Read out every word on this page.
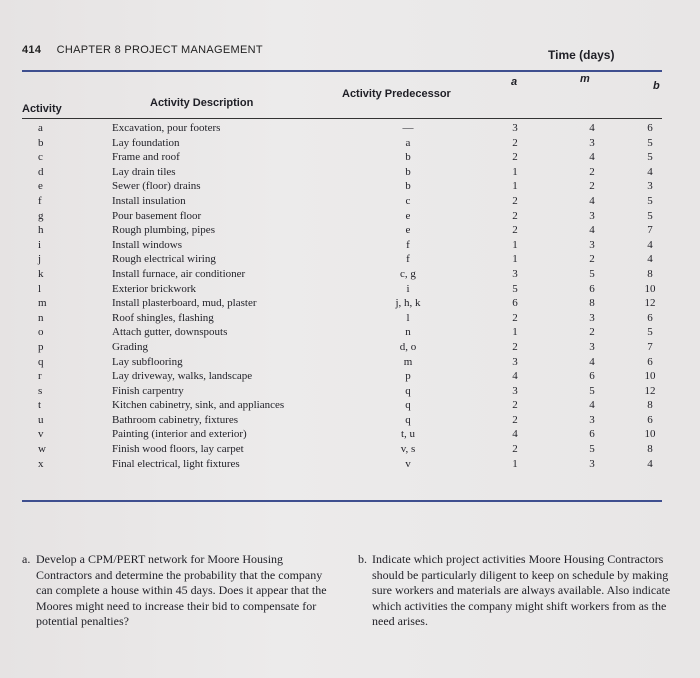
414 CHAPTER 8 PROJECT MANAGEMENT	Time (days)
a	m
b
Activity	Activity Description
Activity Predecessor
a	Excavation, pour footers	—	3	4	6
b	Lay foundation	a	2	3	5
c	Frame and roof	b	2	4	5
d	Lay drain tiles	b	1	2	4
e	Sewer (floor) drains	b	1	2	3
f	Install insulation	c	2	4	5
g	Pour basement floor	e	2	3	5
h	Rough plumbing, pipes	e	2	4	7
i	Install windows	f	1	3	4
j	Rough electrical wiring	f	1	2	4
k	Install furnace, air conditioner	c, g	3	5	8
l	Exterior brickwork	i	5	6	10
m	Install plasterboard, mud, plaster	j, h, k	6	8	12
n	Roof shingles, flashing	l	2	3	6
o	Attach gutter, downspouts	n	1	2	5
p	Grading	d, o	2	3	7
q	Lay subflooring	m	3	4	6
r	Lay driveway, walks, landscape	p	4	6	10
s	Finish carpentry	q	3	5	12
t	Kitchen cabinetry, sink, and appliances	q	2	4	8
u	Bathroom cabinetry, fixtures	q	2	3	6
v	Painting (interior and exterior)	t, u	4	6	10
w	Finish wood floors, lay carpet	v, s	2	5	8
x	Final electrical, light fixtures	v	1	3	4
a. Develop a CPM/PERT network for Moore Housing Contractors and determine the probability that the company can complete a house within 45 days. Does it appear that the Moores might need to increase their bid to compensate for potential penalties?
b. Indicate which project activities Moore Housing Contractors should be particularly diligent to keep on schedule by making sure workers and materials are always available. Also indicate which activities the company might shift workers from as the need arises.
